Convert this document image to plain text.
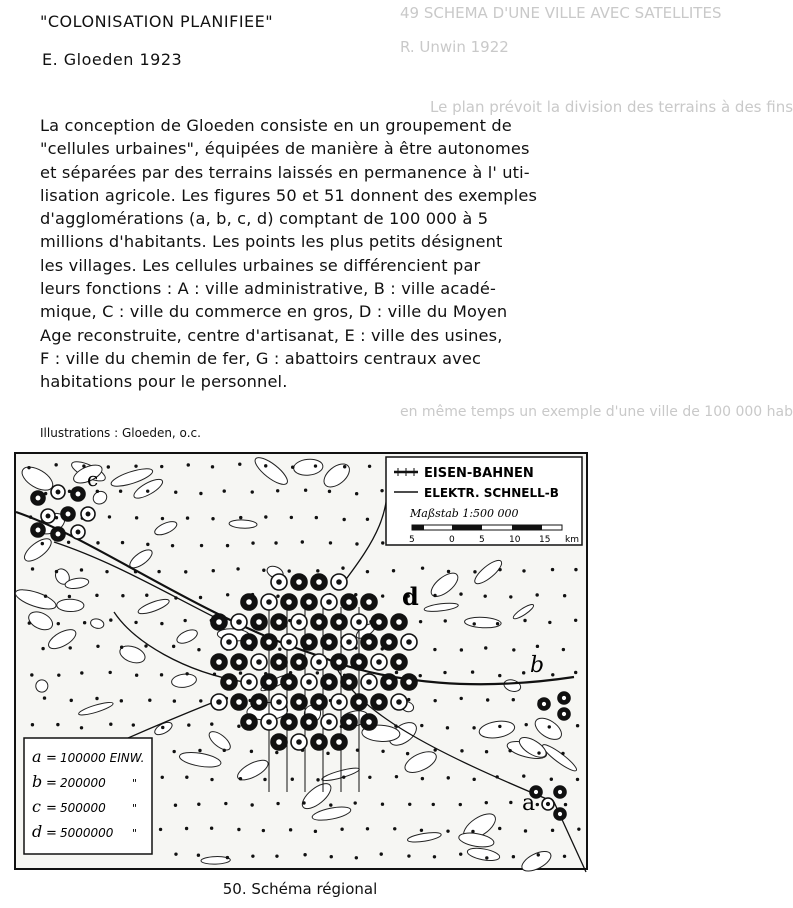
49 SCHEMA D'UNE VILLE AVEC SATELLITES
R. Unwin 1922
Le plan prévoit la division des terrains à des fins
en même temps un exemple d'une ville de 100 000 hab
"COLONISATION PLANIFIEE"
E. Gloeden 1923
La conception de Gloeden consiste en un groupement de
"cellules urbaines", équipées de manière à être autonomes
et séparées par des terrains laissés en permanence à l' uti-
lisation agricole. Les figures 50 et 51 donnent des exemples
d'agglomérations (a, b, c, d) comptant de 100 000 à 5
millions d'habitants. Les points les plus petits désignent
les villages. Les cellules urbaines se différencient par
leurs fonctions : A : ville administrative, B : ville acadé-
mique, C : ville du commerce en gros, D : ville du Moyen
Age reconstruite, centre d'artisanat, E : ville des usines,
F : ville du chemin de fer, G : abattoirs centraux avec
habitations pour le personnel.
Illustrations : Gloeden, o.c.
EISEN-BAHNEN
ELEKTR. SCHNELL-B
Maßstab 1:500 000
5	0	5	10 15 km
a = 100000 EINW.
b = 200000 "
c = 500000 "
d = 5000000 "
c
d
b
a
50. Schéma régional
